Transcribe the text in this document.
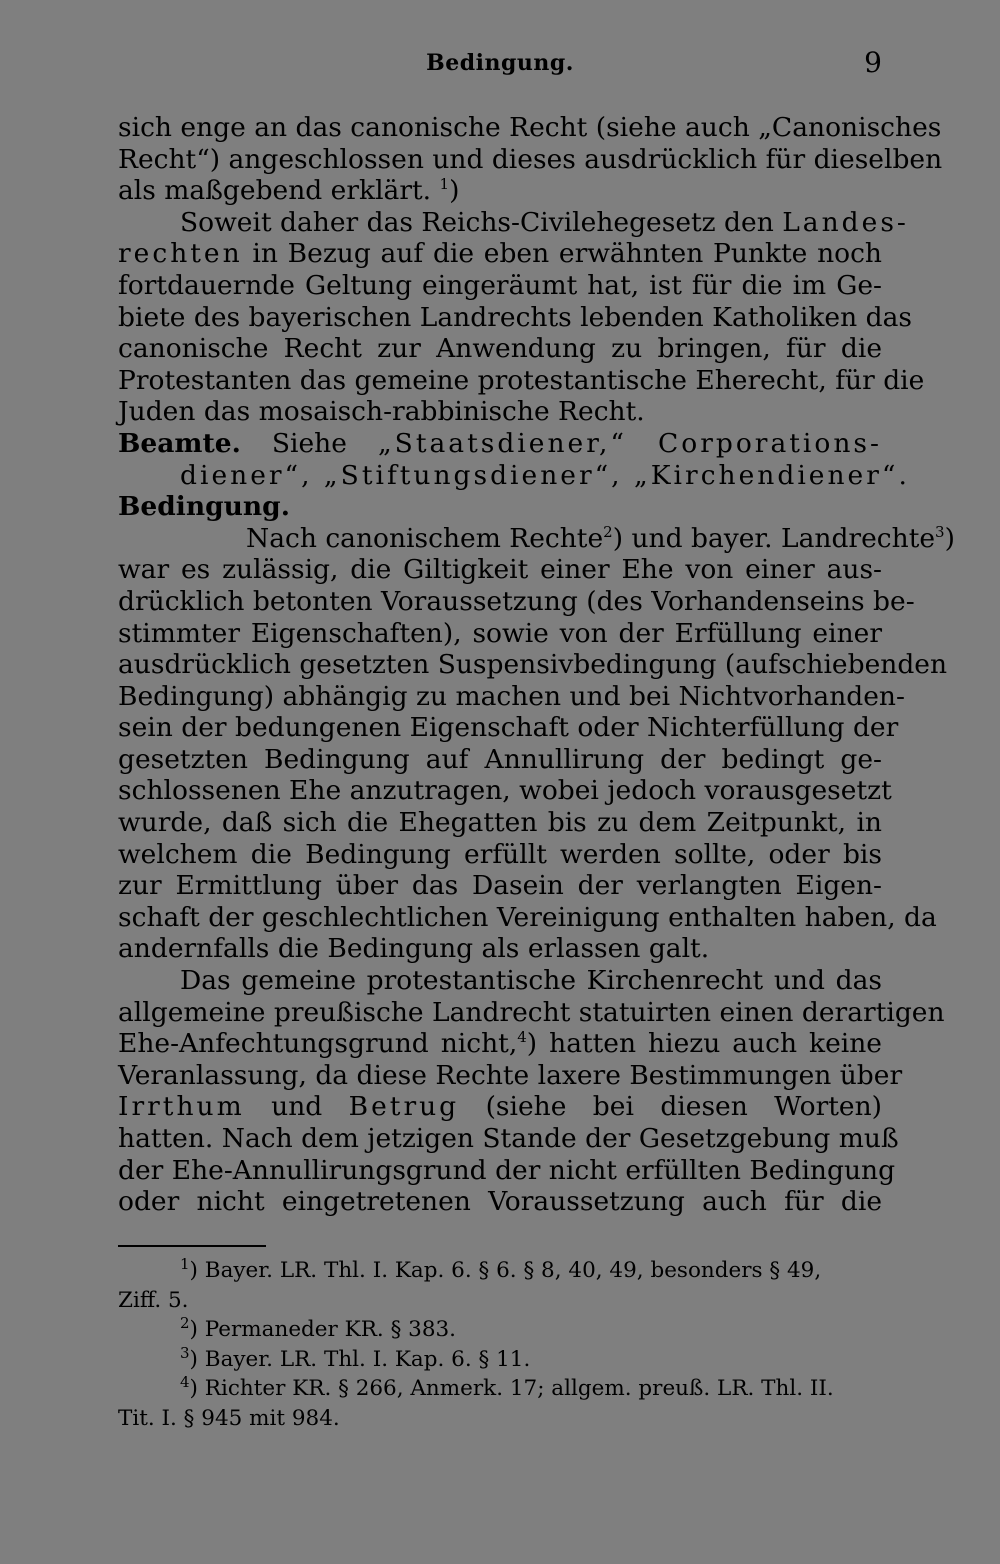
Bedingung.	9
sich enge an das canonische Recht (siehe auch „Canonisches
Recht“) angeschlossen und dieses ausdrücklich für dieselben
als maßgebend erklärt. $^1$)
Soweit daher das Reichs-Civilehegesetz den Landes-
rechten in Bezug auf die eben erwähnten Punkte noch
fortdauernde Geltung eingeräumt hat, ist für die im Ge-
biete des bayerischen Landrechts lebenden Katholiken das
canonische Recht zur Anwendung zu bringen, für die
Protestanten das gemeine protestantische Eherecht, für die
Juden das mosaisch-rabbinische Recht.
Beamte. Siehe „Staatsdiener,“ Corporations-
diener“, „Stiftungsdiener“, „Kirchendiener“.
Bedingung.
Nach canonischem Rechte$^2$) und bayer. Landrechte$^3$)
war es zulässig, die Giltigkeit einer Ehe von einer aus-
drücklich betonten Voraussetzung (des Vorhandenseins be-
stimmter Eigenschaften), sowie von der Erfüllung einer
ausdrücklich gesetzten Suspensivbedingung (aufschiebenden
Bedingung) abhängig zu machen und bei Nichtvorhanden-
sein der bedungenen Eigenschaft oder Nichterfüllung der
gesetzten Bedingung auf Annullirung der bedingt ge-
schlossenen Ehe anzutragen, wobei jedoch vorausgesetzt
wurde, daß sich die Ehegatten bis zu dem Zeitpunkt, in
welchem die Bedingung erfüllt werden sollte, oder bis
zur Ermittlung über das Dasein der verlangten Eigen-
schaft der geschlechtlichen Vereinigung enthalten haben, da
andernfalls die Bedingung als erlassen galt.
Das gemeine protestantische Kirchenrecht und das
allgemeine preußische Landrecht statuirten einen derartigen
Ehe-Anfechtungsgrund nicht,$^4$) hatten hiezu auch keine
Veranlassung, da diese Rechte laxere Bestimmungen über
Irrthum und Betrug (siehe bei diesen Worten)
hatten. Nach dem jetzigen Stande der Gesetzgebung muß
der Ehe-Annullirungsgrund der nicht erfüllten Bedingung
oder nicht eingetretenen Voraussetzung auch für die
$^1$) Bayer. LR. Thl. I. Kap. 6. § 6. § 8, 40, 49, besonders § 49,
Ziff. 5.
$^2$) Permaneder KR. § 383.
$^3$) Bayer. LR. Thl. I. Kap. 6. § 11.
$^4$) Richter KR. § 266, Anmerk. 17; allgem. preuß. LR. Thl. II.
Tit. I. § 945 mit 984.
